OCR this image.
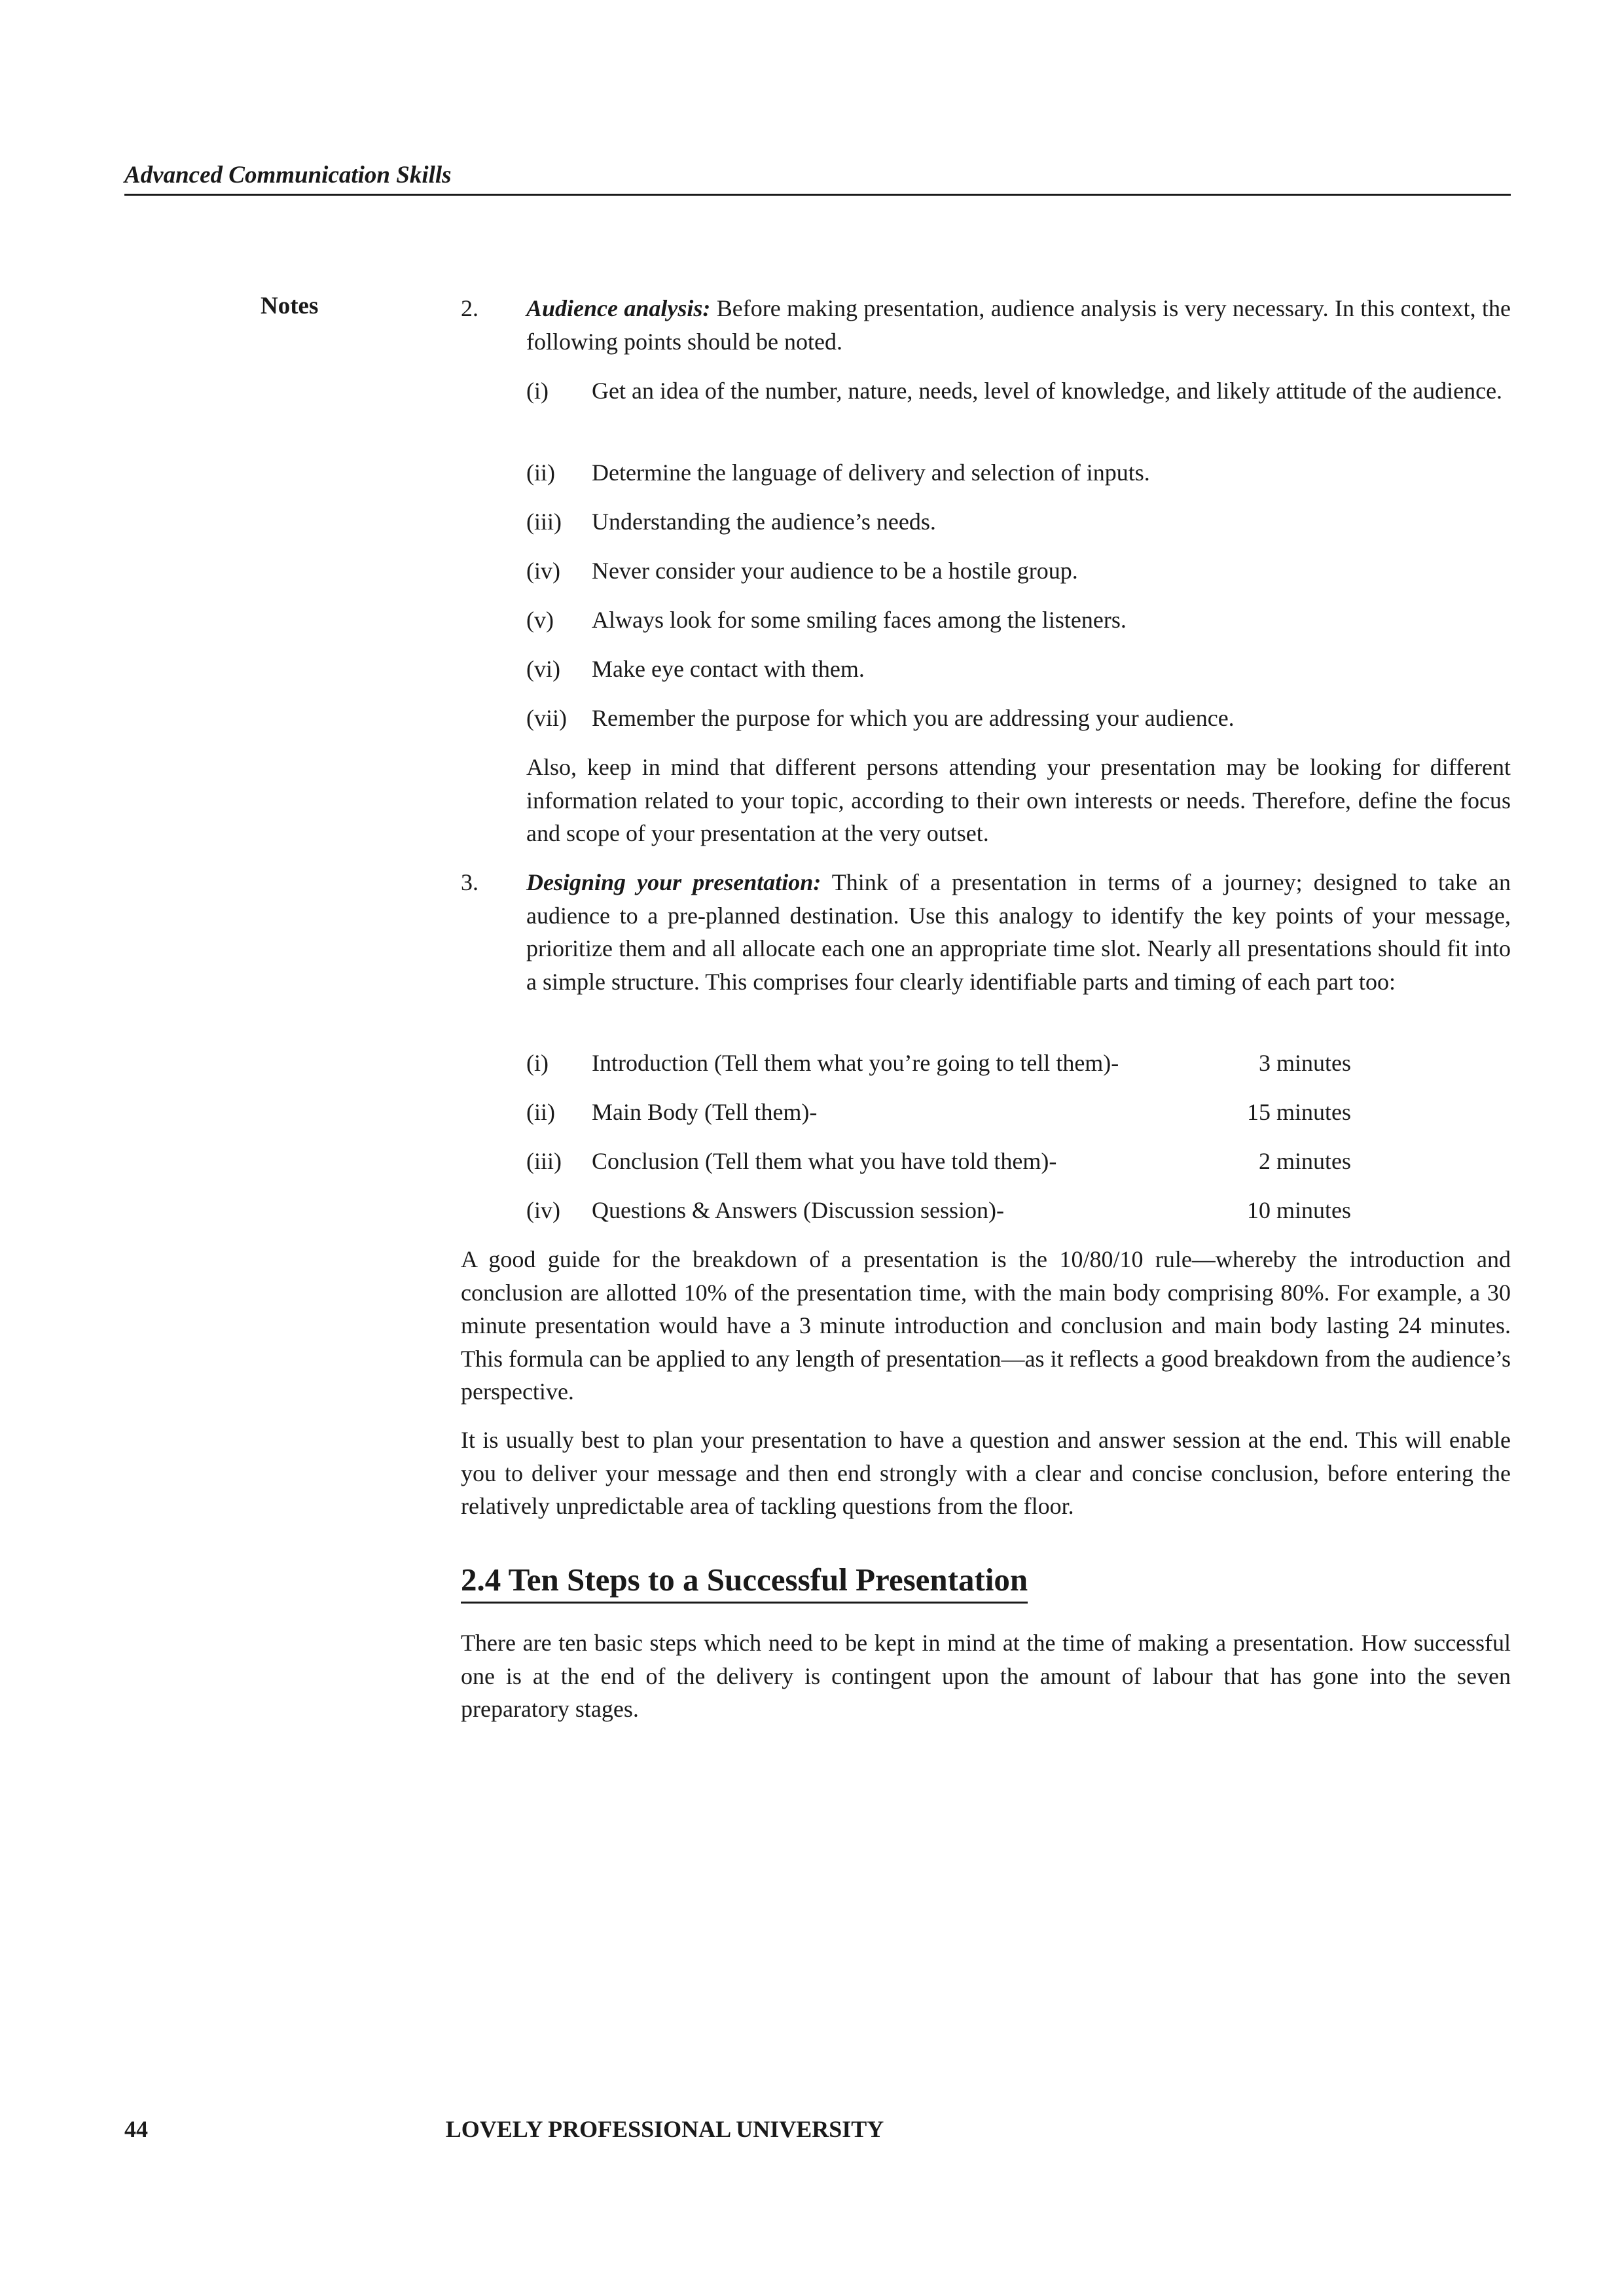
Advanced Communication Skills
Notes	2. Audience analysis: Before making presentation, audience analysis is very necessary. In this context, the following points should be noted.
(i) Get an idea of the number, nature, needs, level of knowledge, and likely attitude of the audience.
(ii) Determine the language of delivery and selection of inputs.
(iii) Understanding the audience’s needs.
(iv) Never consider your audience to be a hostile group.
(v) Always look for some smiling faces among the listeners.
(vi) Make eye contact with them.
(vii) Remember the purpose for which you are addressing your audience.
Also, keep in mind that different persons attending your presentation may be looking for different information related to your topic, according to their own interests or needs. Therefore, define the focus and scope of your presentation at the very outset.
3. Designing your presentation: Think of a presentation in terms of a journey; designed to take an audience to a pre-planned destination. Use this analogy to identify the key points of your message, prioritize them and all allocate each one an appropriate time slot. Nearly all presentations should fit into a simple structure. This comprises four clearly identifiable parts and timing of each part too:
(i) Introduction (Tell them what you’re going to tell them)-	3 minutes
(ii) Main Body (Tell them)-	15 minutes
(iii) Conclusion (Tell them what you have told them)-	2 minutes
(iv) Questions & Answers (Discussion session)-	10 minutes
A good guide for the breakdown of a presentation is the 10/80/10 rule—whereby the introduction and conclusion are allotted 10% of the presentation time, with the main body comprising 80%. For example, a 30 minute presentation would have a 3 minute introduction and conclusion and main body lasting 24 minutes. This formula can be applied to any length of presentation—as it reflects a good breakdown from the audience’s perspective.
It is usually best to plan your presentation to have a question and answer session at the end. This will enable you to deliver your message and then end strongly with a clear and concise conclusion, before entering the relatively unpredictable area of tackling questions from the floor.
2.4 Ten Steps to a Successful Presentation
There are ten basic steps which need to be kept in mind at the time of making a presentation. How successful one is at the end of the delivery is contingent upon the amount of labour that has gone into the seven preparatory stages.
44	LOVELY PROFESSIONAL UNIVERSITY
